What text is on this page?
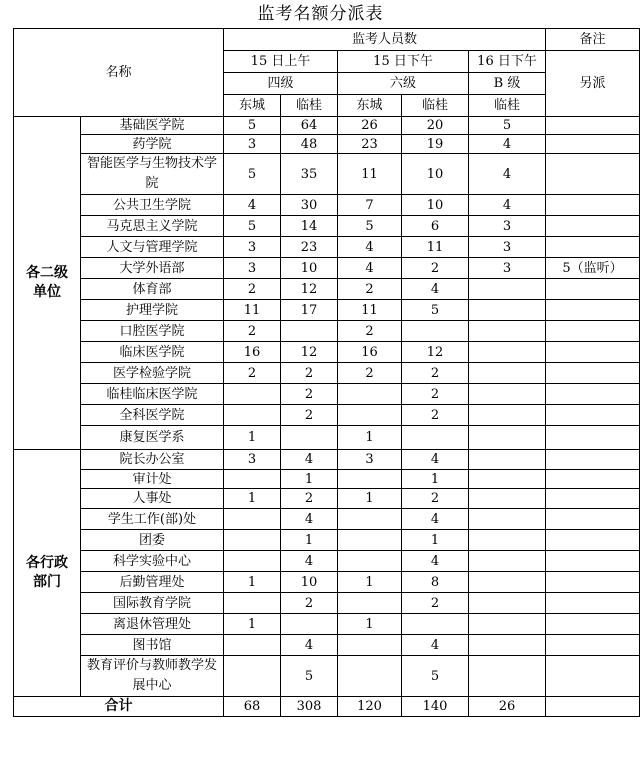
监考名额分派表
名称		监考人员数					备注
		15 日上午		15 日下午		16 日下午	另派
		四级		六级		B 级	
		东城	临桂	东城	临桂	临桂	
各二级
单位	基础医学院	5	64	26	20	5	
	药学院	3	48	23	19	4	
	智能医学与生物技术学院	5	35	11	10	4	
	公共卫生学院	4	30	7	10	4	
	马克思主义学院	5	14	5	6	3	
	人文与管理学院	3	23	4	11	3	
	大学外语部	3	10	4	2	3	5（监听）
	体育部	2	12	2	4		
	护理学院	11	17	11	5		
	口腔医学院	2		2			
	临床医学院	16	12	16	12		
	医学检验学院	2	2	2	2		
	临桂临床医学院		2		2		
	全科医学院		2		2		
	康复医学系	1		1			
各行政
部门	院长办公室	3	4	3	4		
	审计处		1		1		
	人事处	1	2	1	2		
	学生工作(部)处		4		4		
	团委		1		1		
	科学实验中心		4		4		
	后勤管理处	1	10	1	8		
	国际教育学院		2		2		
	离退休管理处	1		1			
	图书馆		4		4		
	教育评价与教师教学发展中心		5		5		
合计		68	308	120	140	26	
